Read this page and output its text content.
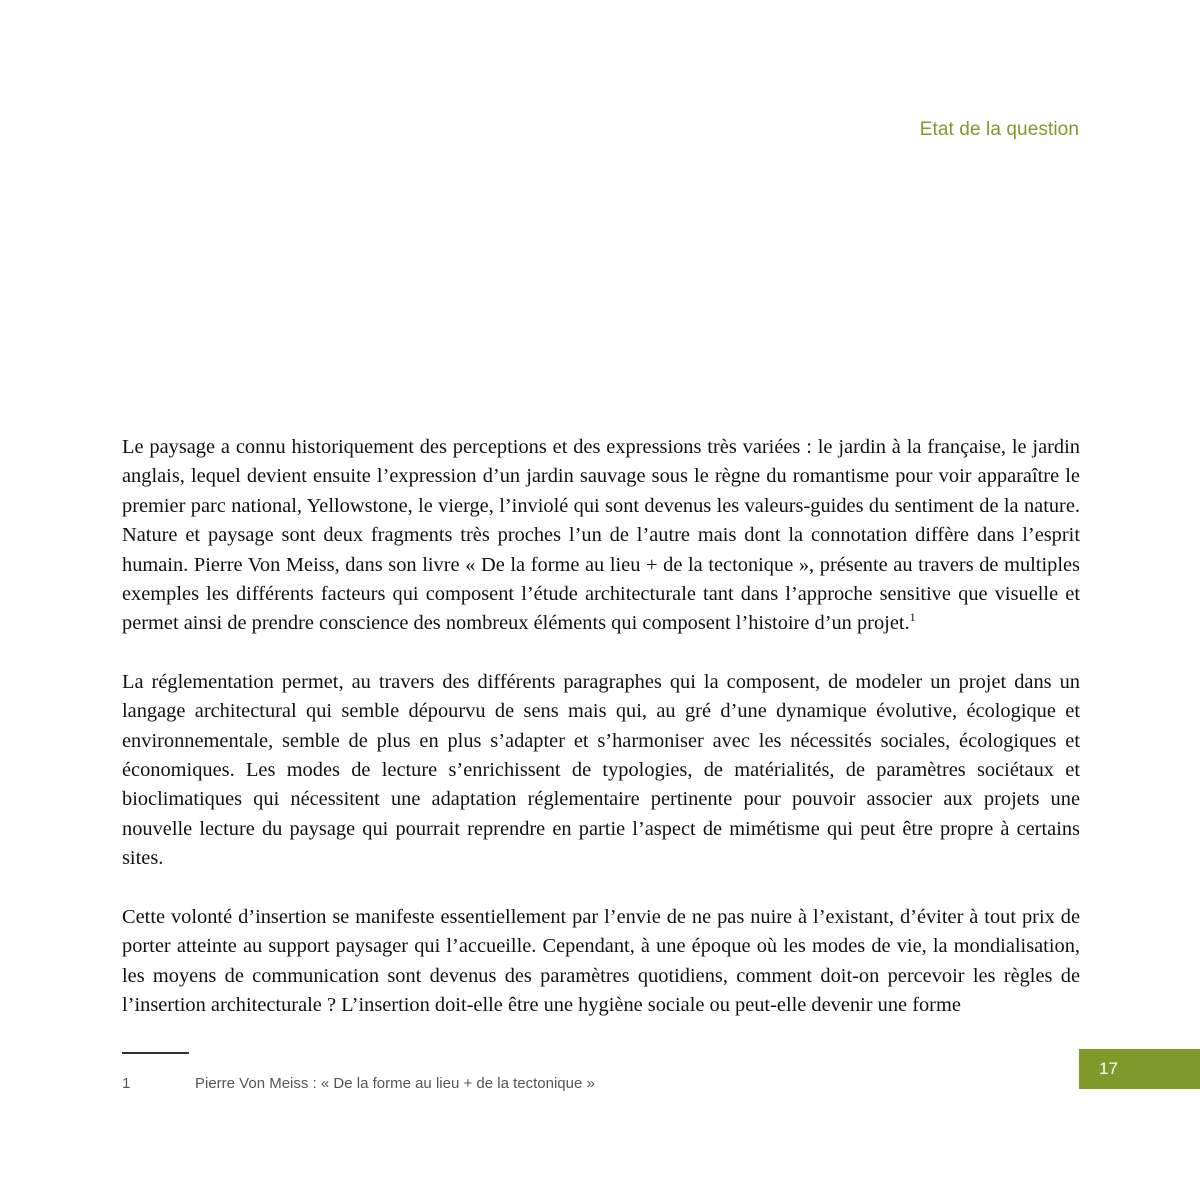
Etat de la question

Le paysage a connu historiquement des perceptions et des expressions très variées : le jardin à la française, le jardin anglais, lequel devient ensuite l’expression d’un jardin sauvage sous le règne du romantisme pour voir apparaître le premier parc national, Yellowstone, le vierge, l’inviolé qui sont devenus les valeurs-guides du sentiment de la nature. Nature et paysage sont deux fragments très proches l’un de l’autre mais dont la connotation diffère dans l’esprit humain. Pierre Von Meiss, dans son livre « De la forme au lieu + de la tectonique », présente au travers de multiples exemples les différents facteurs qui composent l’étude architecturale tant dans l’approche sensitive que visuelle et permet ainsi de prendre conscience des nombreux éléments qui composent l’histoire d’un projet.$^1$

La réglementation permet, au travers des différents paragraphes qui la composent, de modeler un projet dans un langage architectural qui semble dépourvu de sens mais qui, au gré d’une dynamique évolutive, écologique et environnementale, semble de plus en plus s’adapter et s’harmoniser avec les nécessités sociales, écologiques et économiques. Les modes de lecture s’enrichissent de typologies, de matérialités, de paramètres sociétaux et bioclimatiques qui nécessitent une adaptation réglementaire pertinente pour pouvoir associer aux projets une nouvelle lecture du paysage qui pourrait reprendre en partie l’aspect de mimétisme qui peut être propre à certains sites.

Cette volonté d’insertion se manifeste essentiellement par l’envie de ne pas nuire à l’existant, d’éviter à tout prix de porter atteinte au support paysager qui l’accueille. Cependant, à une époque où les modes de vie, la mondialisation, les moyens de communication sont devenus des paramètres quotidiens, comment doit-on percevoir les règles de l’insertion architecturale ? L’insertion doit-elle être une hygiène sociale ou peut-elle devenir une forme

1	Pierre Von Meiss : « De la forme au lieu + de la tectonique »
17
